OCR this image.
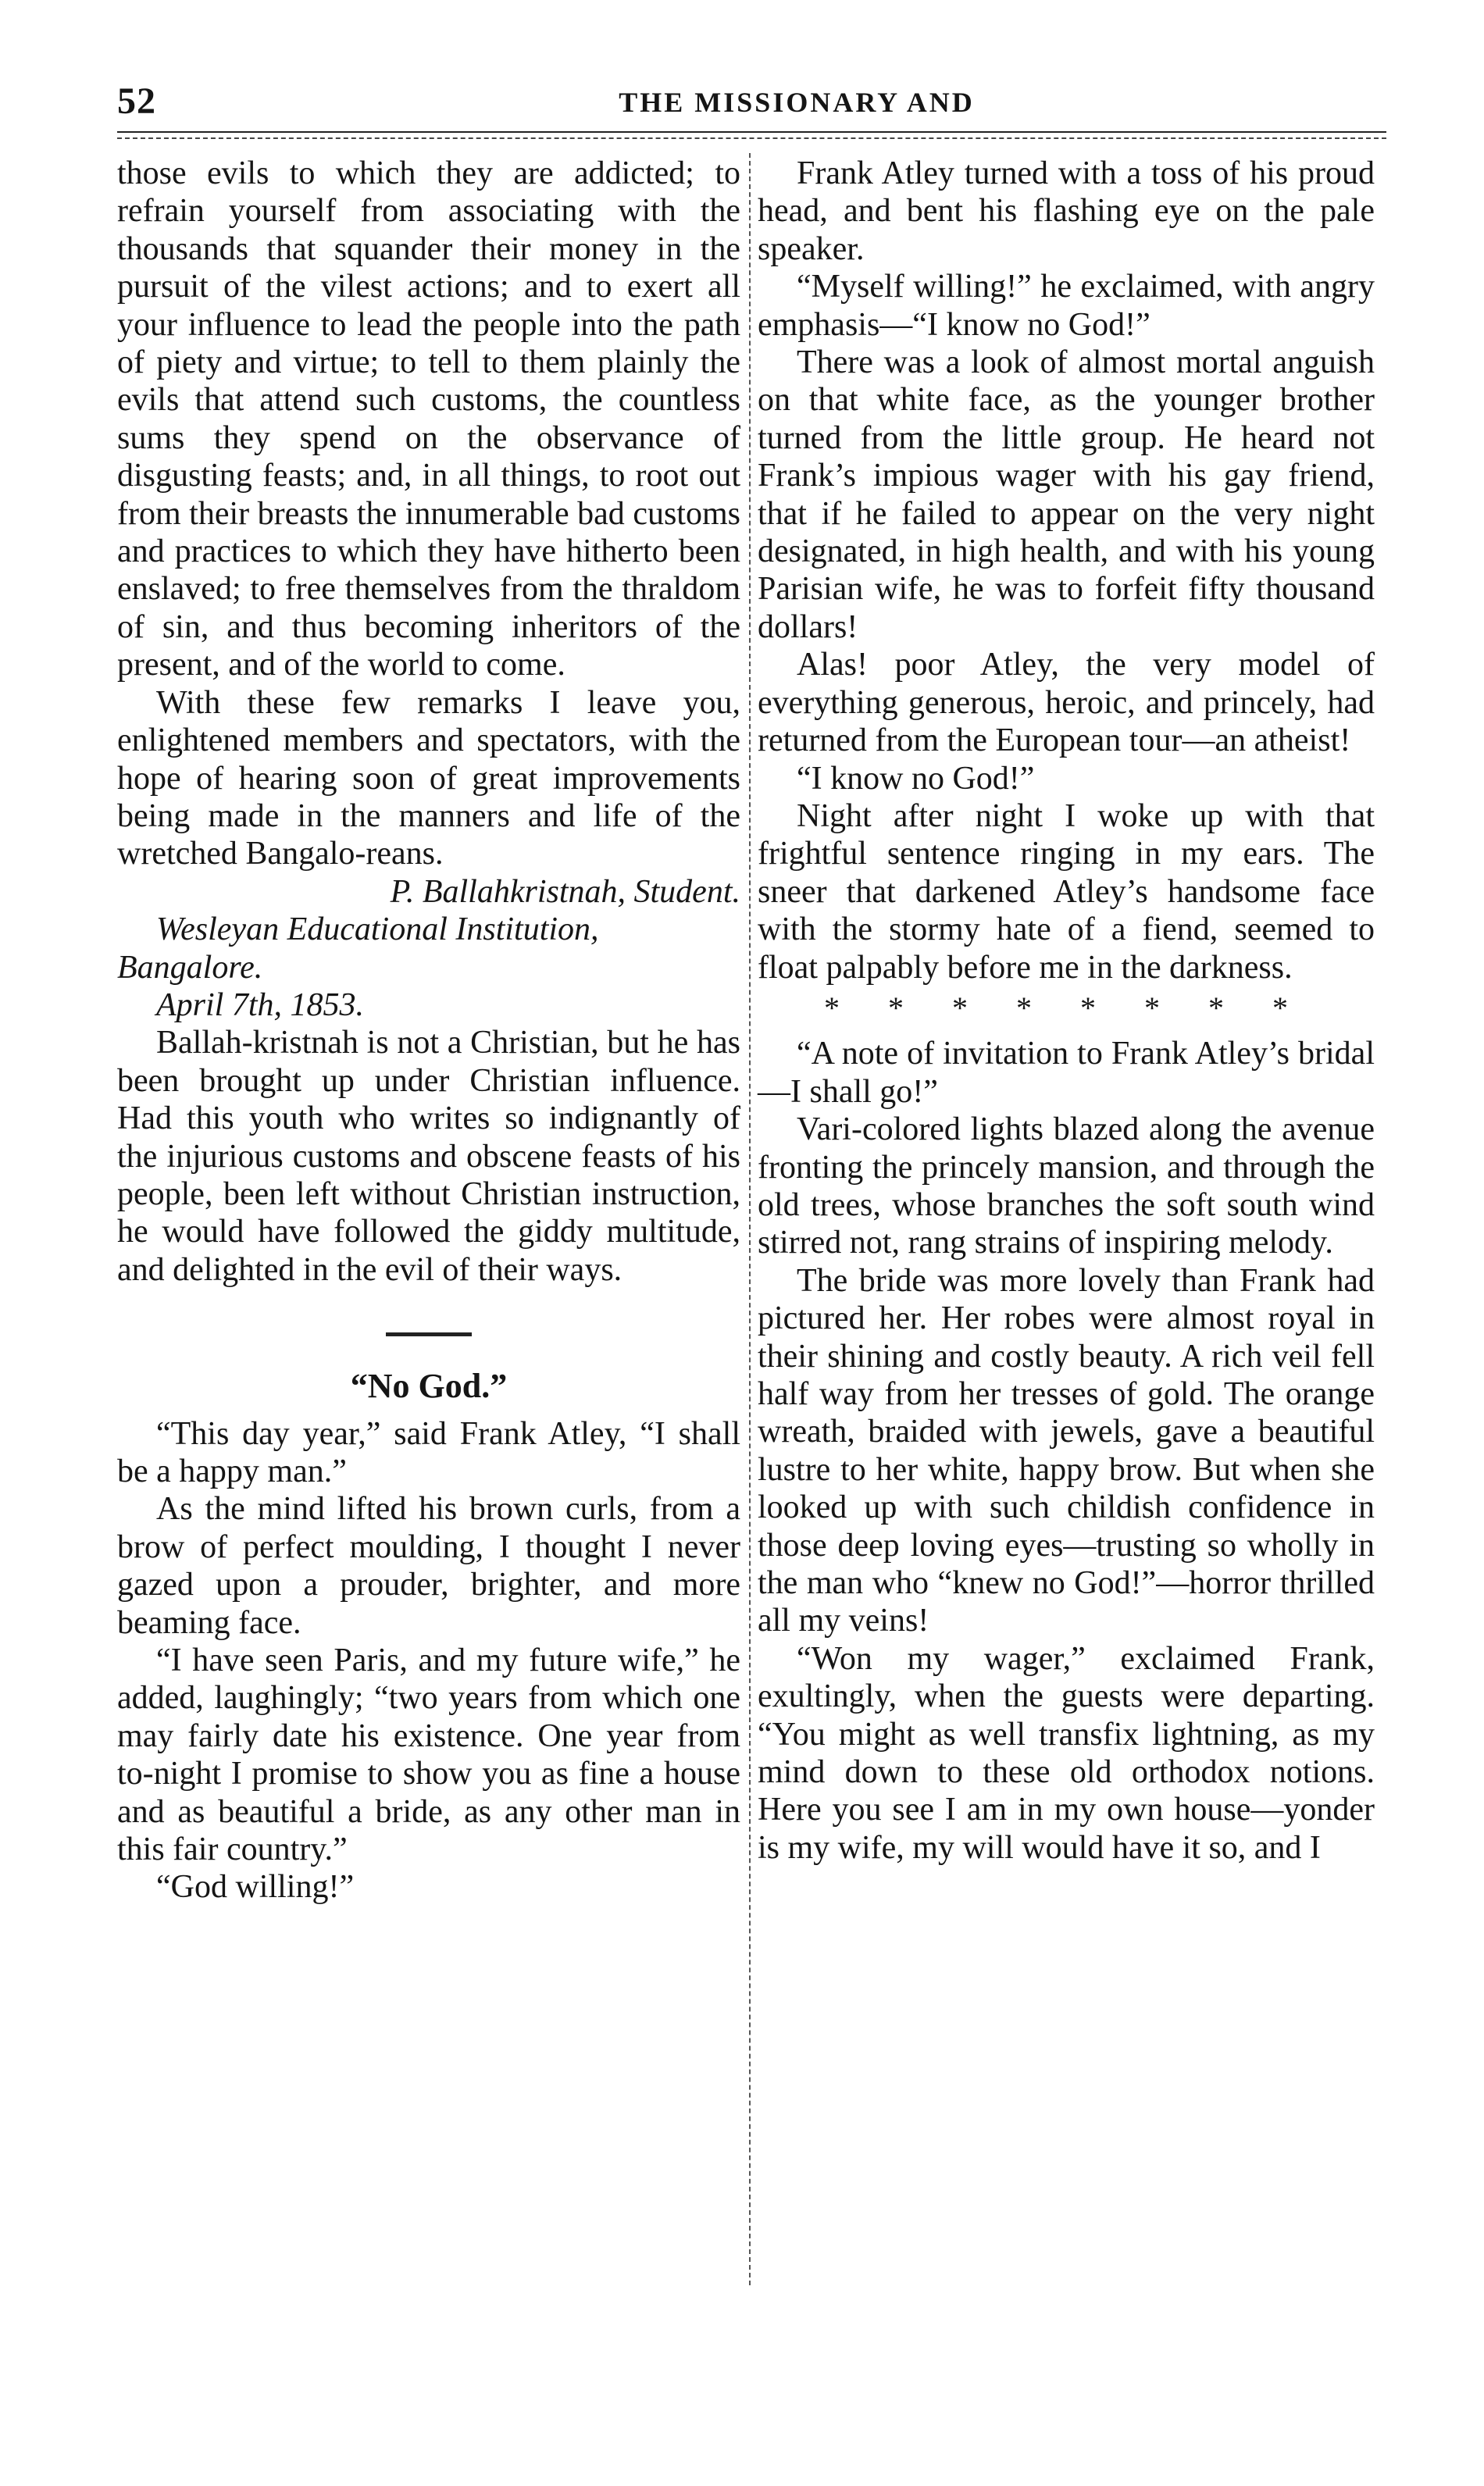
52	THE MISSIONARY AND

those evils to which they are addicted; to refrain yourself from associating with the thousands that squander their money in the pursuit of the vilest actions; and to exert all your influence to lead the people into the path of piety and virtue; to tell to them plainly the evils that attend such customs, the countless sums they spend on the observance of disgusting feasts; and, in all things, to root out from their breasts the innumerable bad customs and practices to which they have hitherto been enslaved; to free themselves from the thraldom of sin, and thus becoming inheritors of the present, and of the world to come.

With these few remarks I leave you, enlightened members and spectators, with the hope of hearing soon of great improvements being made in the manners and life of the wretched Bangalo-reans.

P. Ballahkristnah, Student.

Wesleyan Educational Institution, Bangalore.

April 7th, 1853.

Ballah-kristnah is not a Christian, but he has been brought up under Christian influence. Had this youth who writes so indignantly of the injurious customs and obscene feasts of his people, been left without Christian instruction, he would have followed the giddy multitude, and delighted in the evil of their ways.

“No God.”

“This day year,” said Frank Atley, “I shall be a happy man.”

As the mind lifted his brown curls, from a brow of perfect moulding, I thought I never gazed upon a prouder, brighter, and more beaming face.

“I have seen Paris, and my future wife,” he added, laughingly; “two years from which one may fairly date his existence. One year from to-night I promise to show you as fine a house and as beautiful a bride, as any other man in this fair country.”

“God willing!”

Frank Atley turned with a toss of his proud head, and bent his flashing eye on the pale speaker.

“Myself willing!” he exclaimed, with angry emphasis—“I know no God!”

There was a look of almost mortal anguish on that white face, as the younger brother turned from the little group. He heard not Frank’s impious wager with his gay friend, that if he failed to appear on the very night designated, in high health, and with his young Parisian wife, he was to forfeit fifty thousand dollars!

Alas! poor Atley, the very model of everything generous, heroic, and princely, had returned from the European tour—an atheist!

“I know no God!”

Night after night I woke up with that frightful sentence ringing in my ears. The sneer that darkened Atley’s handsome face with the stormy hate of a fiend, seemed to float palpably before me in the darkness.

* * * * * * * *

“A note of invitation to Frank Atley’s bridal—I shall go!”

Vari-colored lights blazed along the avenue fronting the princely mansion, and through the old trees, whose branches the soft south wind stirred not, rang strains of inspiring melody.

The bride was more lovely than Frank had pictured her. Her robes were almost royal in their shining and costly beauty. A rich veil fell half way from her tresses of gold. The orange wreath, braided with jewels, gave a beautiful lustre to her white, happy brow. But when she looked up with such childish confidence in those deep loving eyes—trusting so wholly in the man who “knew no God!”—horror thrilled all my veins!

“Won my wager,” exclaimed Frank, exultingly, when the guests were departing. “You might as well transfix lightning, as my mind down to these old orthodox notions. Here you see I am in my own house—yonder is my wife, my will would have it so, and I
